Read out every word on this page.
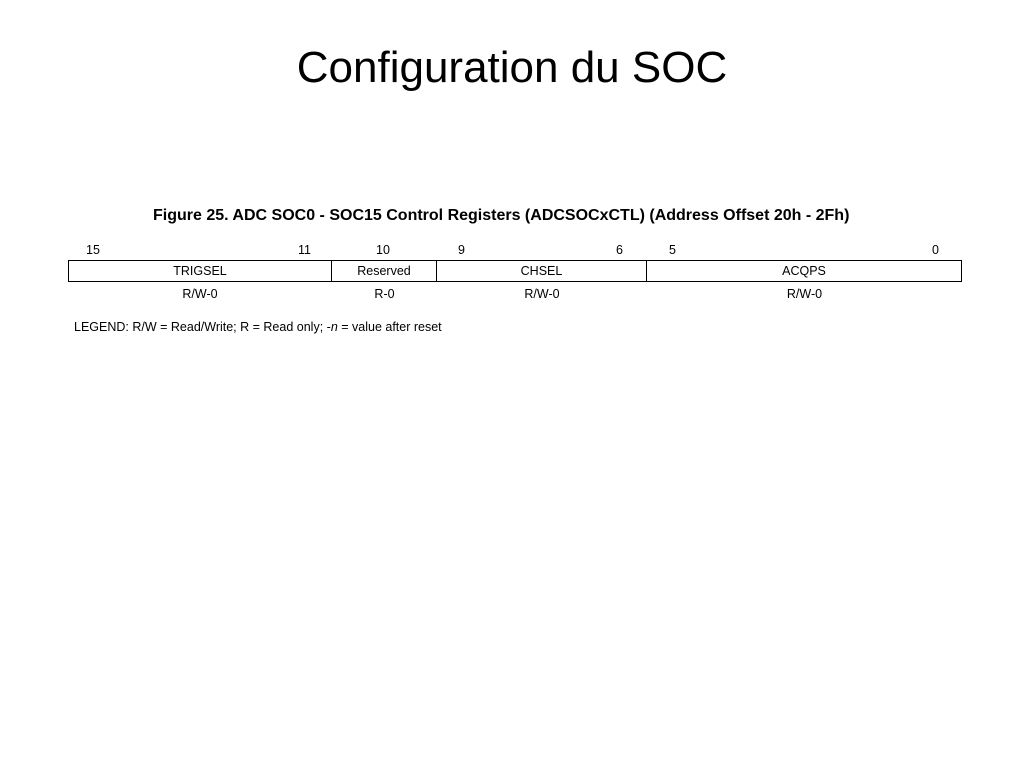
Configuration du SOC
Figure 25. ADC SOC0 - SOC15 Control Registers (ADCSOCxCTL) (Address Offset 20h - 2Fh)
15	11	10	9	6	5	0
TRIGSEL	Reserved	CHSEL	ACQPS
R/W-0	R-0	R/W-0	R/W-0
LEGEND: R/W = Read/Write; R = Read only; -n = value after reset
